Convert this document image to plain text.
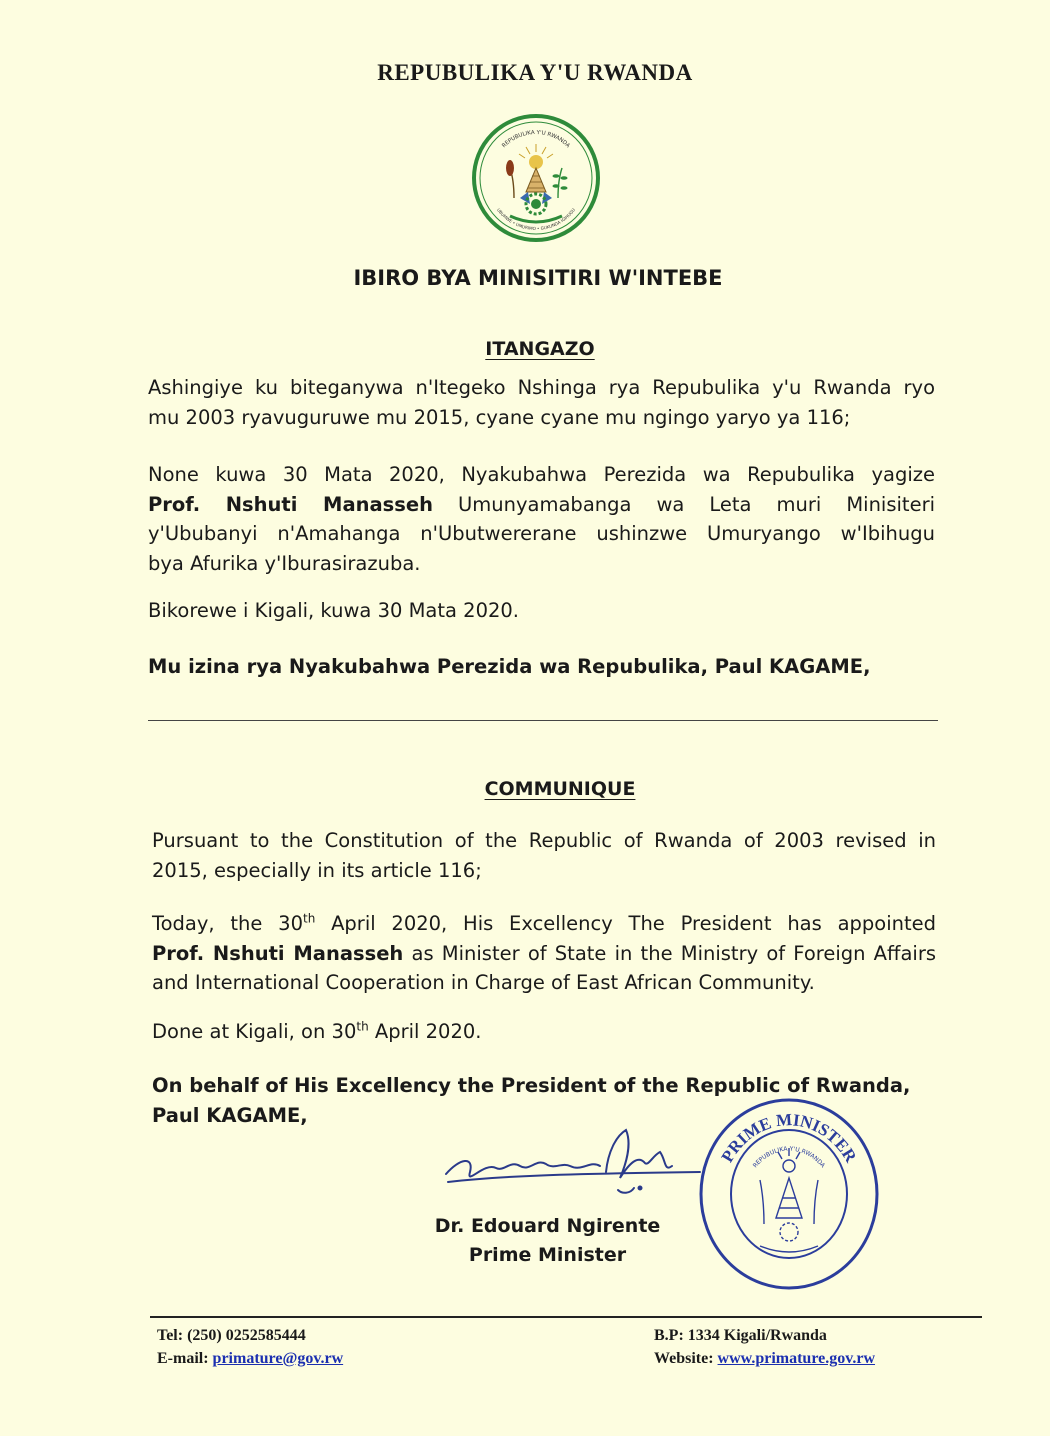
REPUBULIKA Y'U RWANDA
REPUBULIKA Y'U RWANDA
UBUMWE • UMURIMO • GUKUNDA IGIHUGU
IBIRO BYA MINISITIRI W'INTEBE
ITANGAZO
Ashingiye ku biteganywa n'Itegeko Nshinga rya Repubulika y'u Rwanda ryo
mu 2003 ryavuguruwe mu 2015, cyane cyane mu ngingo yaryo ya 116;
None kuwa 30 Mata 2020, Nyakubahwa Perezida wa Repubulika yagize
Prof. Nshuti Manasseh Umunyamabanga wa Leta muri Minisiteri
y'Ububanyi n'Amahanga n'Ubutwererane ushinzwe Umuryango w'Ibihugu
bya Afurika y'Iburasirazuba.
Bikorewe i Kigali, kuwa 30 Mata 2020.
Mu izina rya Nyakubahwa Perezida wa Repubulika, Paul KAGAME,
COMMUNIQUE
Pursuant to the Constitution of the Republic of Rwanda of 2003 revised in
2015, especially in its article 116;
Today, the 30th April 2020, His Excellency The President has appointed
Prof. Nshuti Manasseh as Minister of State in the Ministry of Foreign Affairs
and International Cooperation in Charge of East African Community.
Done at Kigali, on 30th April 2020.
On behalf of His Excellency the President of the Republic of Rwanda,
Paul KAGAME,
Dr. Edouard Ngirente
Prime Minister
PRIME MINISTER
REPUBULIKA Y'U RWANDA
Tel: (250) 0252585444
E-mail: primature@gov.rw
B.P: 1334 Kigali/Rwanda
Website: www.primature.gov.rw
